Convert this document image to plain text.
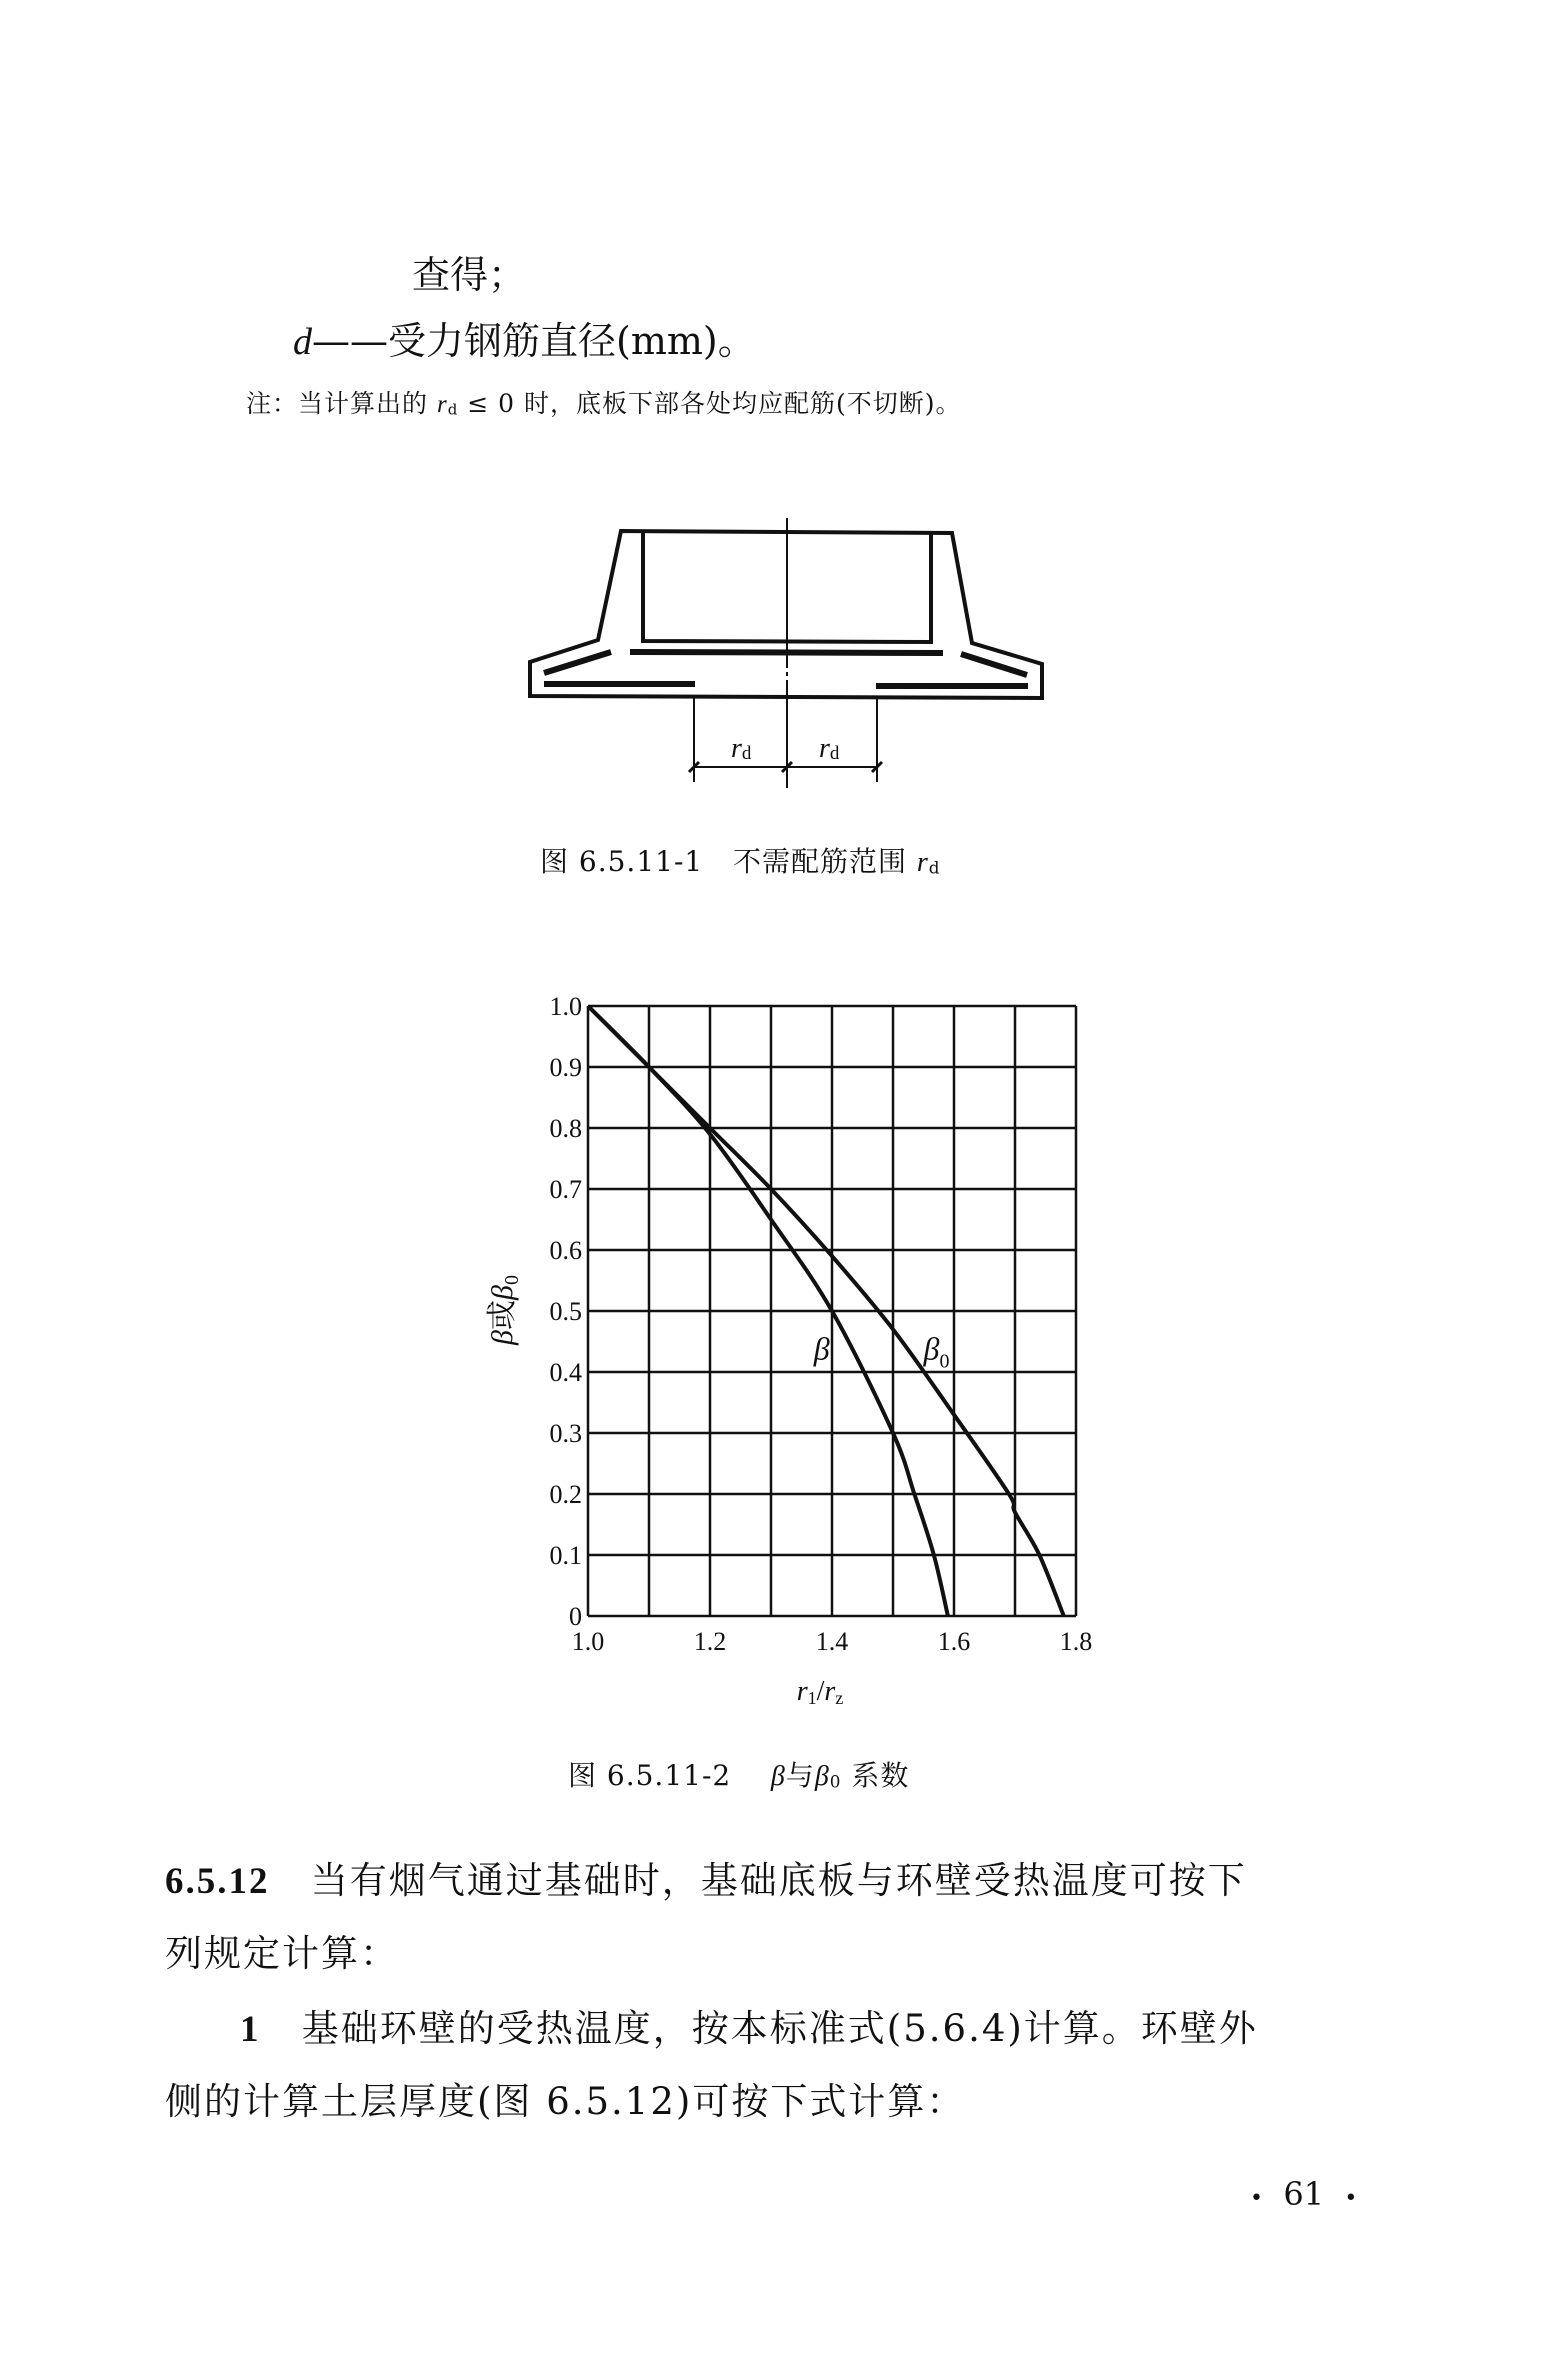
查得；
d——受力钢筋直径(mm)。
注：当计算出的 rd ≤ 0 时，底板下部各处均应配筋(不切断)。
rd rd
图 6.5.11-1 不需配筋范围 rd
0
0.1
0.2
0.3
0.4
0.5
0.6
0.7
0.8
0.9
1.0
1.0	1.2	1.4	1.6	1.8
β	$\beta_0$
r1/rz
β或$\beta_0$
图 6.5.11-2 β与β0 系数
6.5.12 当有烟气通过基础时，基础底板与环壁受热温度可按下
列规定计算：
1 基础环壁的受热温度，按本标准式(5.6.4)计算。环壁外
侧的计算土层厚度(图 6.5.12)可按下式计算：
• 61 •
